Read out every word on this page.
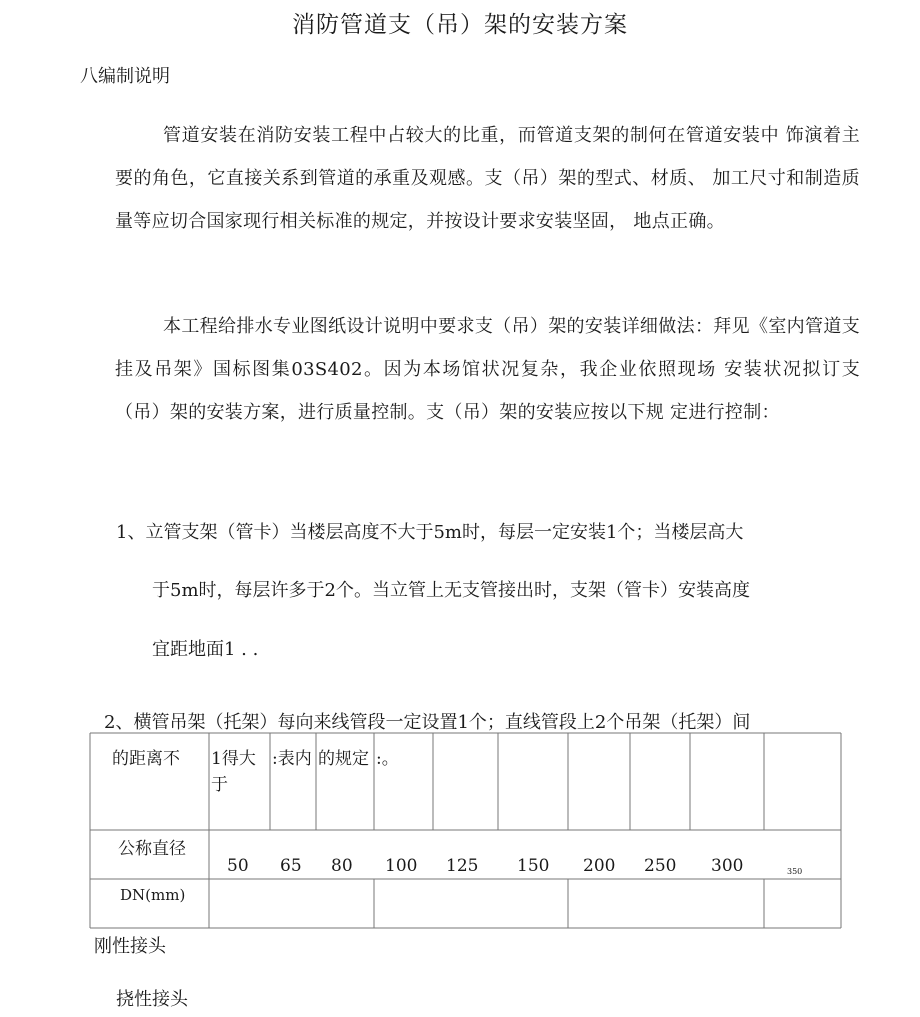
消防管道支（吊）架的安装方案
八编制说明
管道安装在消防安装工程中占较大的比重，而管道支架的制何在管道安装中 饰演着主要的角色，它直接关系到管道的承重及观感。支（吊）架的型式、材质、 加工尺寸和制造质量等应切合国家现行相关标准的规定，并按设计要求安装坚固， 地点正确。
本工程给排水专业图纸设计说明中要求支（吊）架的安装详细做法：拜见《室内管道支挂及吊架》国标图集03S402。因为本场馆状况复杂，我企业依照现场 安装状况拟订支（吊）架的安装方案，进行质量控制。支（吊）架的安装应按以下规 定进行控制：
1、立管支架（管卡）当楼层高度不大于5m时，每层一定安装1个；当楼层高大
于5m时，每层许多于2个。当立管上无支管接出时，支架（管卡）安装高度
宜距地面1 . .
2、横管吊架（托架）每向来线管段一定设置1个；直线管段上2个吊架（托架）间
的距离不 1得大于
:表内 的规定 :。
公称直径
50 65 80 100 125 150 200 250 300	350
DN(mm)
刚性接头
挠性接头
